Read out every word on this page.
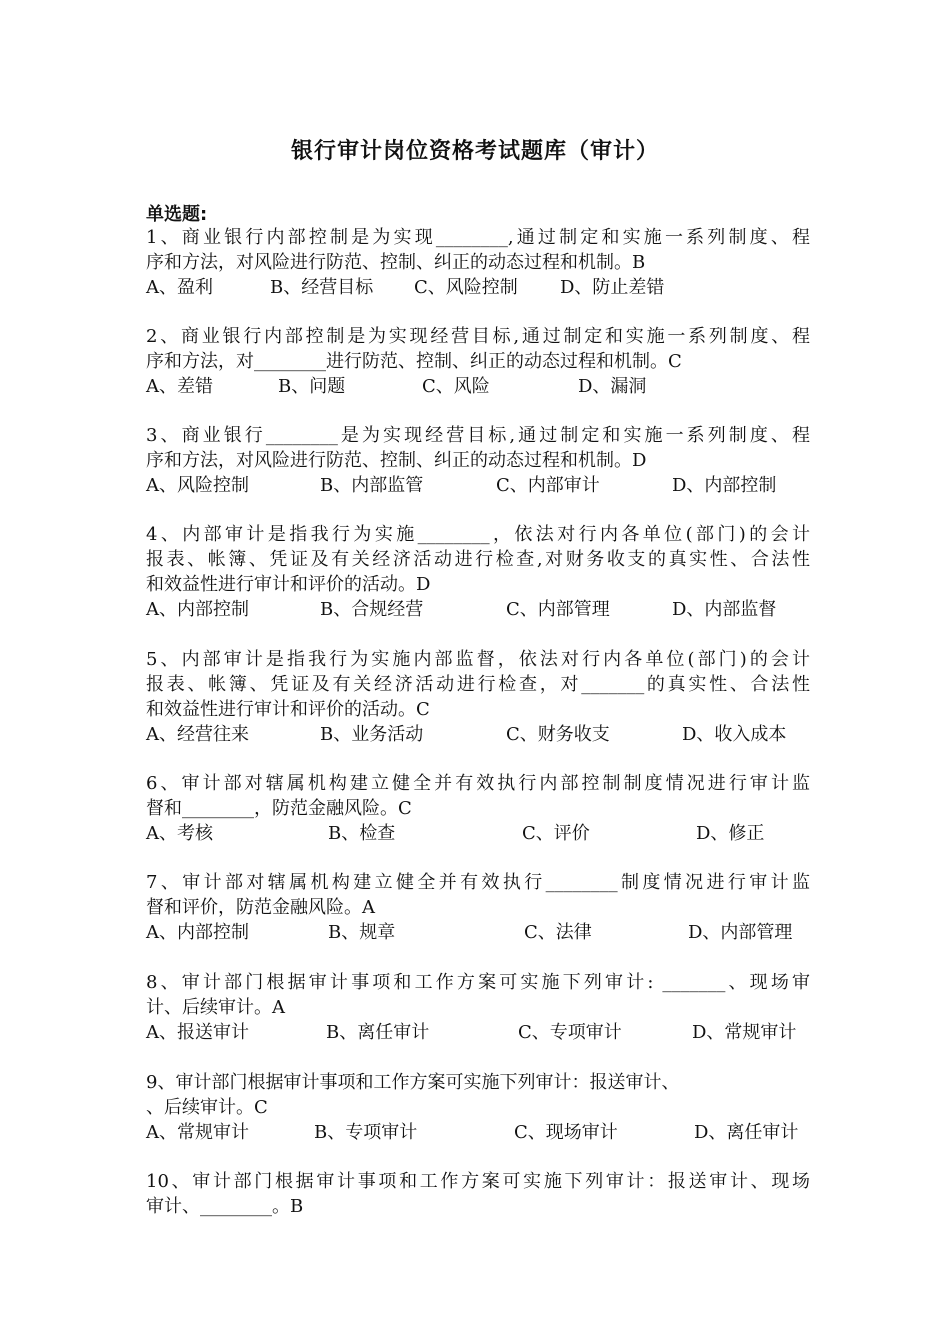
银行审计岗位资格考试题库（审计）
单选题:
1、商业银行内部控制是为实现________,通过制定和实施一系列制度、程
序和方法，对风险进行防范、控制、纠正的动态过程和机制。B
A、盈利	B、经营目标 C、风险控制 D、防止差错
2、商业银行内部控制是为实现经营目标,通过制定和实施一系列制度、程
序和方法，对________进行防范、控制、纠正的动态过程和机制。C
A、差错	B、问题	C、风险	D、漏洞
3、商业银行________是为实现经营目标,通过制定和实施一系列制度、程
序和方法，对风险进行防范、控制、纠正的动态过程和机制。D
A、风险控制	B、内部监管	C、内部审计	D、内部控制
4、内部审计是指我行为实施________，依法对行内各单位(部门)的会计
报表、帐簿、凭证及有关经济活动进行检查,对财务收支的真实性、合法性
和效益性进行审计和评价的活动。D
A、内部控制	B、合规经营	C、内部管理	D、内部监督
5、内部审计是指我行为实施内部监督，依法对行内各单位(部门)的会计
报表、帐簿、凭证及有关经济活动进行检查，对_______的真实性、合法性
和效益性进行审计和评价的活动。C
A、经营往来	B、业务活动	C、财务收支	D、收入成本
6、审计部对辖属机构建立健全并有效执行内部控制制度情况进行审计监
督和________，防范金融风险。C
A、考核	B、检查	C、评价	D、修正
7、审计部对辖属机构建立健全并有效执行________制度情况进行审计监
督和评价，防范金融风险。A
A、内部控制	B、规章	C、法律	D、内部管理
8、审计部门根据审计事项和工作方案可实施下列审计: _______、现场审
计、后续审计。A
A、报送审计	B、离任审计	C、专项审计	D、常规审计
9、审计部门根据审计事项和工作方案可实施下列审计：报送审计、
、后续审计。C
A、常规审计	B、专项审计	C、现场审计	D、离任审计
10、审计部门根据审计事项和工作方案可实施下列审计：报送审计、现场
审计、________。B
